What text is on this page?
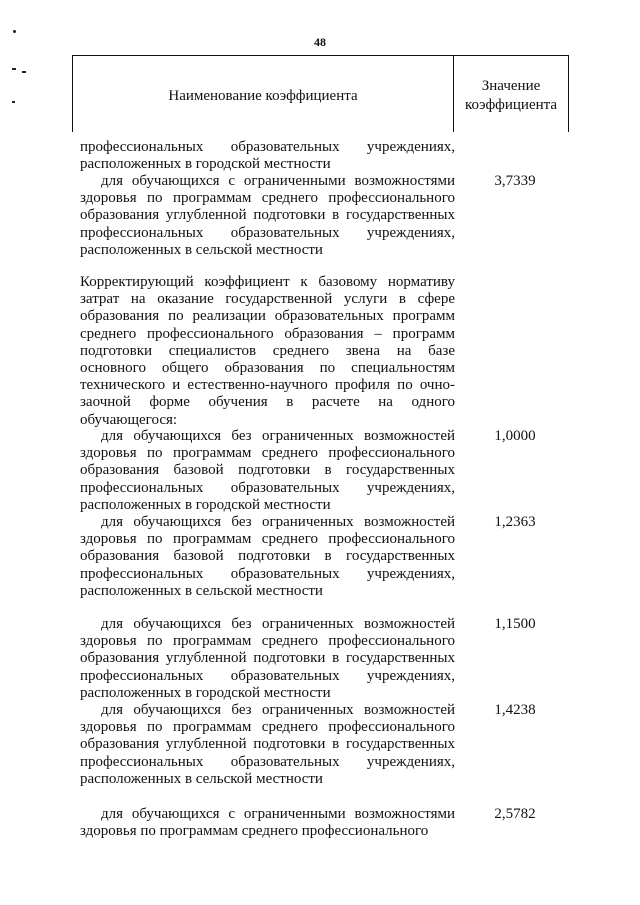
48
Наименование коэффициента
Значение коэффициента
профессиональных образовательных учреждениях, расположенных в городской местности
для обучающихся с ограниченными возможностями здоровья по программам среднего профессионального образования углубленной подготовки в государственных профессиональных образовательных учреждениях, расположенных в сельской местности
3,7339
Корректирующий коэффициент к базовому нормативу затрат на оказание государственной услуги в сфере образования по реализации образовательных программ среднего профессионального образования – программ подготовки специалистов среднего звена на базе основного общего образования по специальностям технического и естественно-научного профиля по очно-заочной форме обучения в расчете на одного обучающегося:
для обучающихся без ограниченных возможностей здоровья по программам среднего профессионального образования базовой подготовки в государственных профессиональных образовательных учреждениях, расположенных в городской местности
1,0000
для обучающихся без ограниченных возможностей здоровья по программам среднего профессионального образования базовой подготовки в государственных профессиональных образовательных учреждениях, расположенных в сельской местности
1,2363
для обучающихся без ограниченных возможностей здоровья по программам среднего профессионального образования углубленной подготовки в государственных профессиональных образовательных учреждениях, расположенных в городской местности
1,1500
для обучающихся без ограниченных возможностей здоровья по программам среднего профессионального образования углубленной подготовки в государственных профессиональных образовательных учреждениях, расположенных в сельской местности
1,4238
для обучающихся с ограниченными возможностями здоровья по программам среднего профессионального
2,5782
